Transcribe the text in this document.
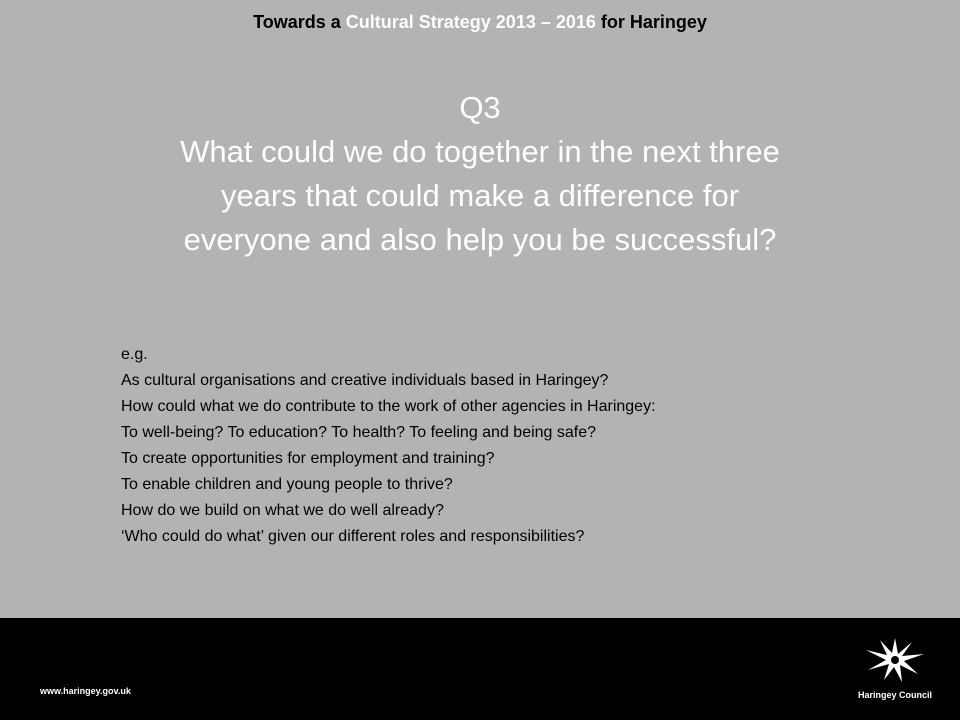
Towards a Cultural Strategy 2013 – 2016 for Haringey
Q3
What could we do together in the next three
years that could make a difference for
everyone and also help you be successful?
e.g.
As cultural organisations and creative individuals based in Haringey?
How could what we do contribute to the work of other agencies in Haringey:
To well-being? To education? To health? To feeling and being safe?
To create opportunities for employment and training?
To enable children and young people to thrive?
How do we build on what we do well already?
‘Who could do what’ given our different roles and responsibilities?
www.haringey.gov.uk	Haringey Council
